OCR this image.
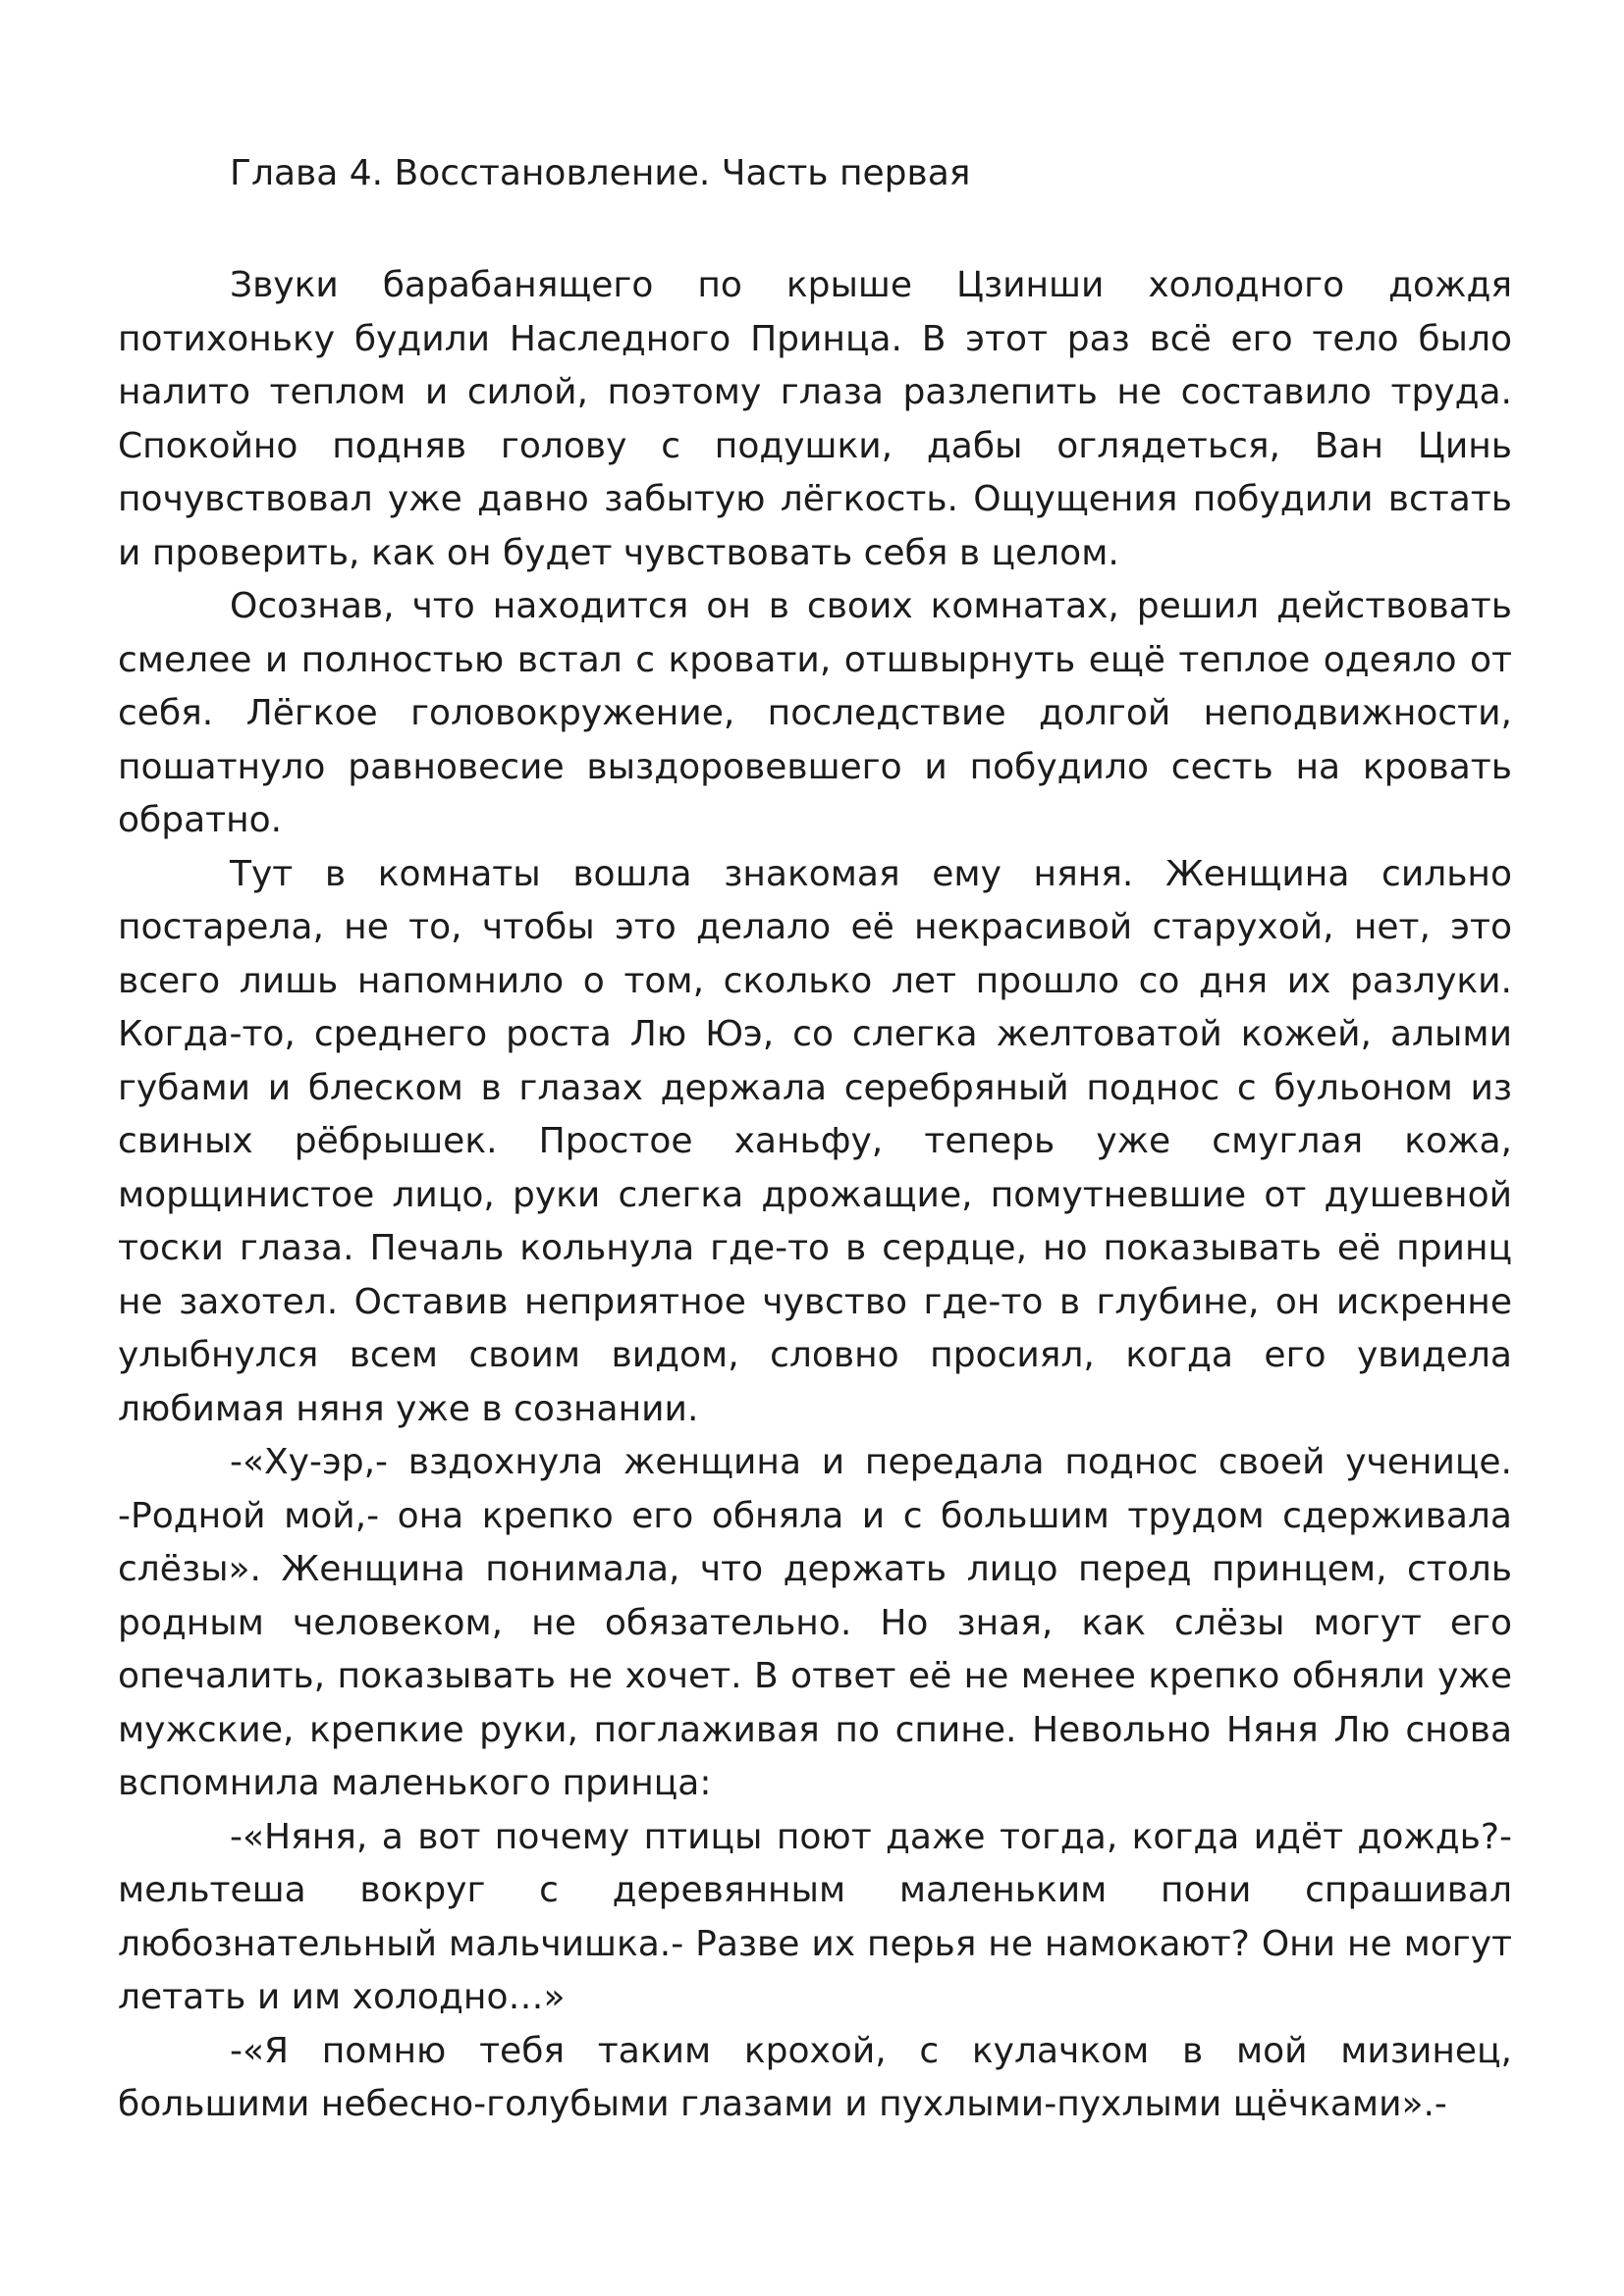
Глава 4. Восстановление. Часть первая

Звуки барабанящего по крыше Цзинши холодного дождя потихоньку будили Наследного Принца. В этот раз всё его тело было налито теплом и силой, поэтому глаза разлепить не составило труда. Спокойно подняв голову с подушки, дабы оглядеться, Ван Цинь почувствовал уже давно забытую лёгкость. Ощущения побудили встать и проверить, как он будет чувствовать себя в целом.

Осознав, что находится он в своих комнатах, решил действовать смелее и полностью встал с кровати, отшвырнуть ещё теплое одеяло от себя. Лёгкое головокружение, последствие долгой неподвижности, пошатнуло равновесие выздоровевшего и побудило сесть на кровать обратно.

Тут в комнаты вошла знакомая ему няня. Женщина сильно постарела, не то, чтобы это делало её некрасивой старухой, нет, это всего лишь напомнило о том, сколько лет прошло со дня их разлуки. Когда-то, среднего роста Лю Юэ, со слегка желтоватой кожей, алыми губами и блеском в глазах держала серебряный поднос с бульоном из свиных рёбрышек. Простое ханьфу, теперь уже смуглая кожа, морщинистое лицо, руки слегка дрожащие, помутневшие от душевной тоски глаза. Печаль кольнула где-то в сердце, но показывать её принц не захотел. Оставив неприятное чувство где-то в глубине, он искренне улыбнулся всем своим видом, словно просиял, когда его увидела любимая няня уже в сознании.

-«Ху-эр,- вздохнула женщина и передала поднос своей ученице. -Родной мой,- она крепко его обняла и с большим трудом сдерживала слёзы». Женщина понимала, что держать лицо перед принцем, столь родным человеком, не обязательно. Но зная, как слёзы могут его опечалить, показывать не хочет. В ответ её не менее крепко обняли уже мужские, крепкие руки, поглаживая по спине. Невольно Няня Лю снова вспомнила маленького принца:

-«Няня, а вот почему птицы поют даже тогда, когда идёт дождь?- мельтеша вокруг с деревянным маленьким пони спрашивал любознательный мальчишка.- Разве их перья не намокают? Они не могут летать и им холодно…»

-«Я помню тебя таким крохой, с кулачком в мой мизинец, большими небесно-голубыми глазами и пухлыми-пухлыми щёчками».-
